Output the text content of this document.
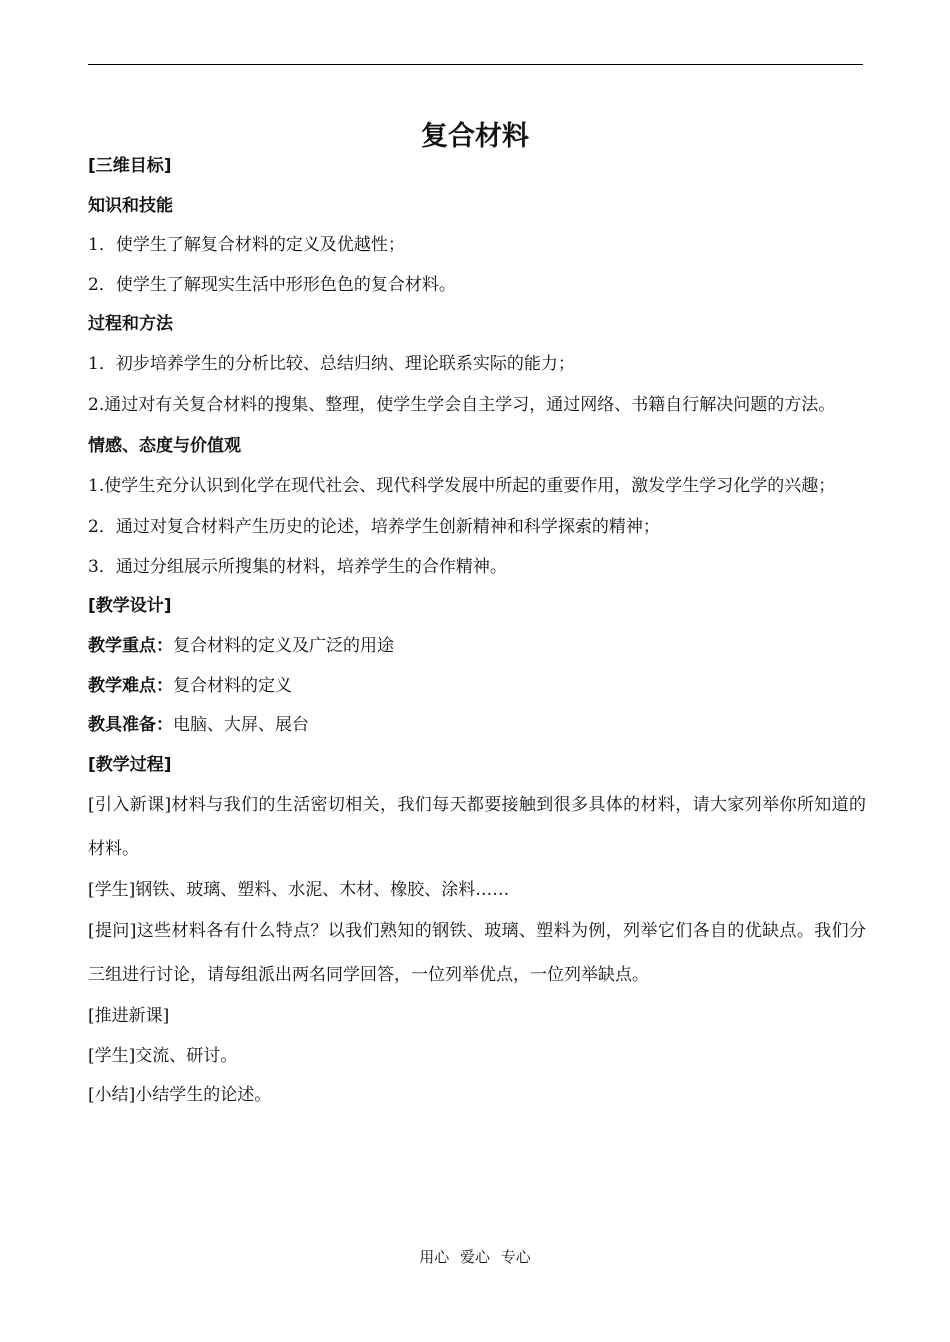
复合材料
[三维目标]
知识和技能
1．使学生了解复合材料的定义及优越性；
2．使学生了解现实生活中形形色色的复合材料。
过程和方法
1．初步培养学生的分析比较、总结归纳、理论联系实际的能力；
2.通过对有关复合材料的搜集、整理，使学生学会自主学习，通过网络、书籍自行解决问题的方法。
情感、态度与价值观
1.使学生充分认识到化学在现代社会、现代科学发展中所起的重要作用，激发学生学习化学的兴趣；
2．通过对复合材料产生历史的论述，培养学生创新精神和科学探索的精神；
3．通过分组展示所搜集的材料，培养学生的合作精神。
[教学设计]
教学重点：复合材料的定义及广泛的用途
教学难点：复合材料的定义
教具准备：电脑、大屏、展台
[教学过程]
[引入新课]材料与我们的生活密切相关，我们每天都要接触到很多具体的材料，请大家列举你所知道的材料。
[学生]钢铁、玻璃、塑料、水泥、木材、橡胶、涂料……
[提问]这些材料各有什么特点？以我们熟知的钢铁、玻璃、塑料为例，列举它们各自的优缺点。我们分三组进行讨论，请每组派出两名同学回答，一位列举优点，一位列举缺点。
[推进新课]
[学生]交流、研讨。
[小结]小结学生的论述。
用心 爱心 专心
